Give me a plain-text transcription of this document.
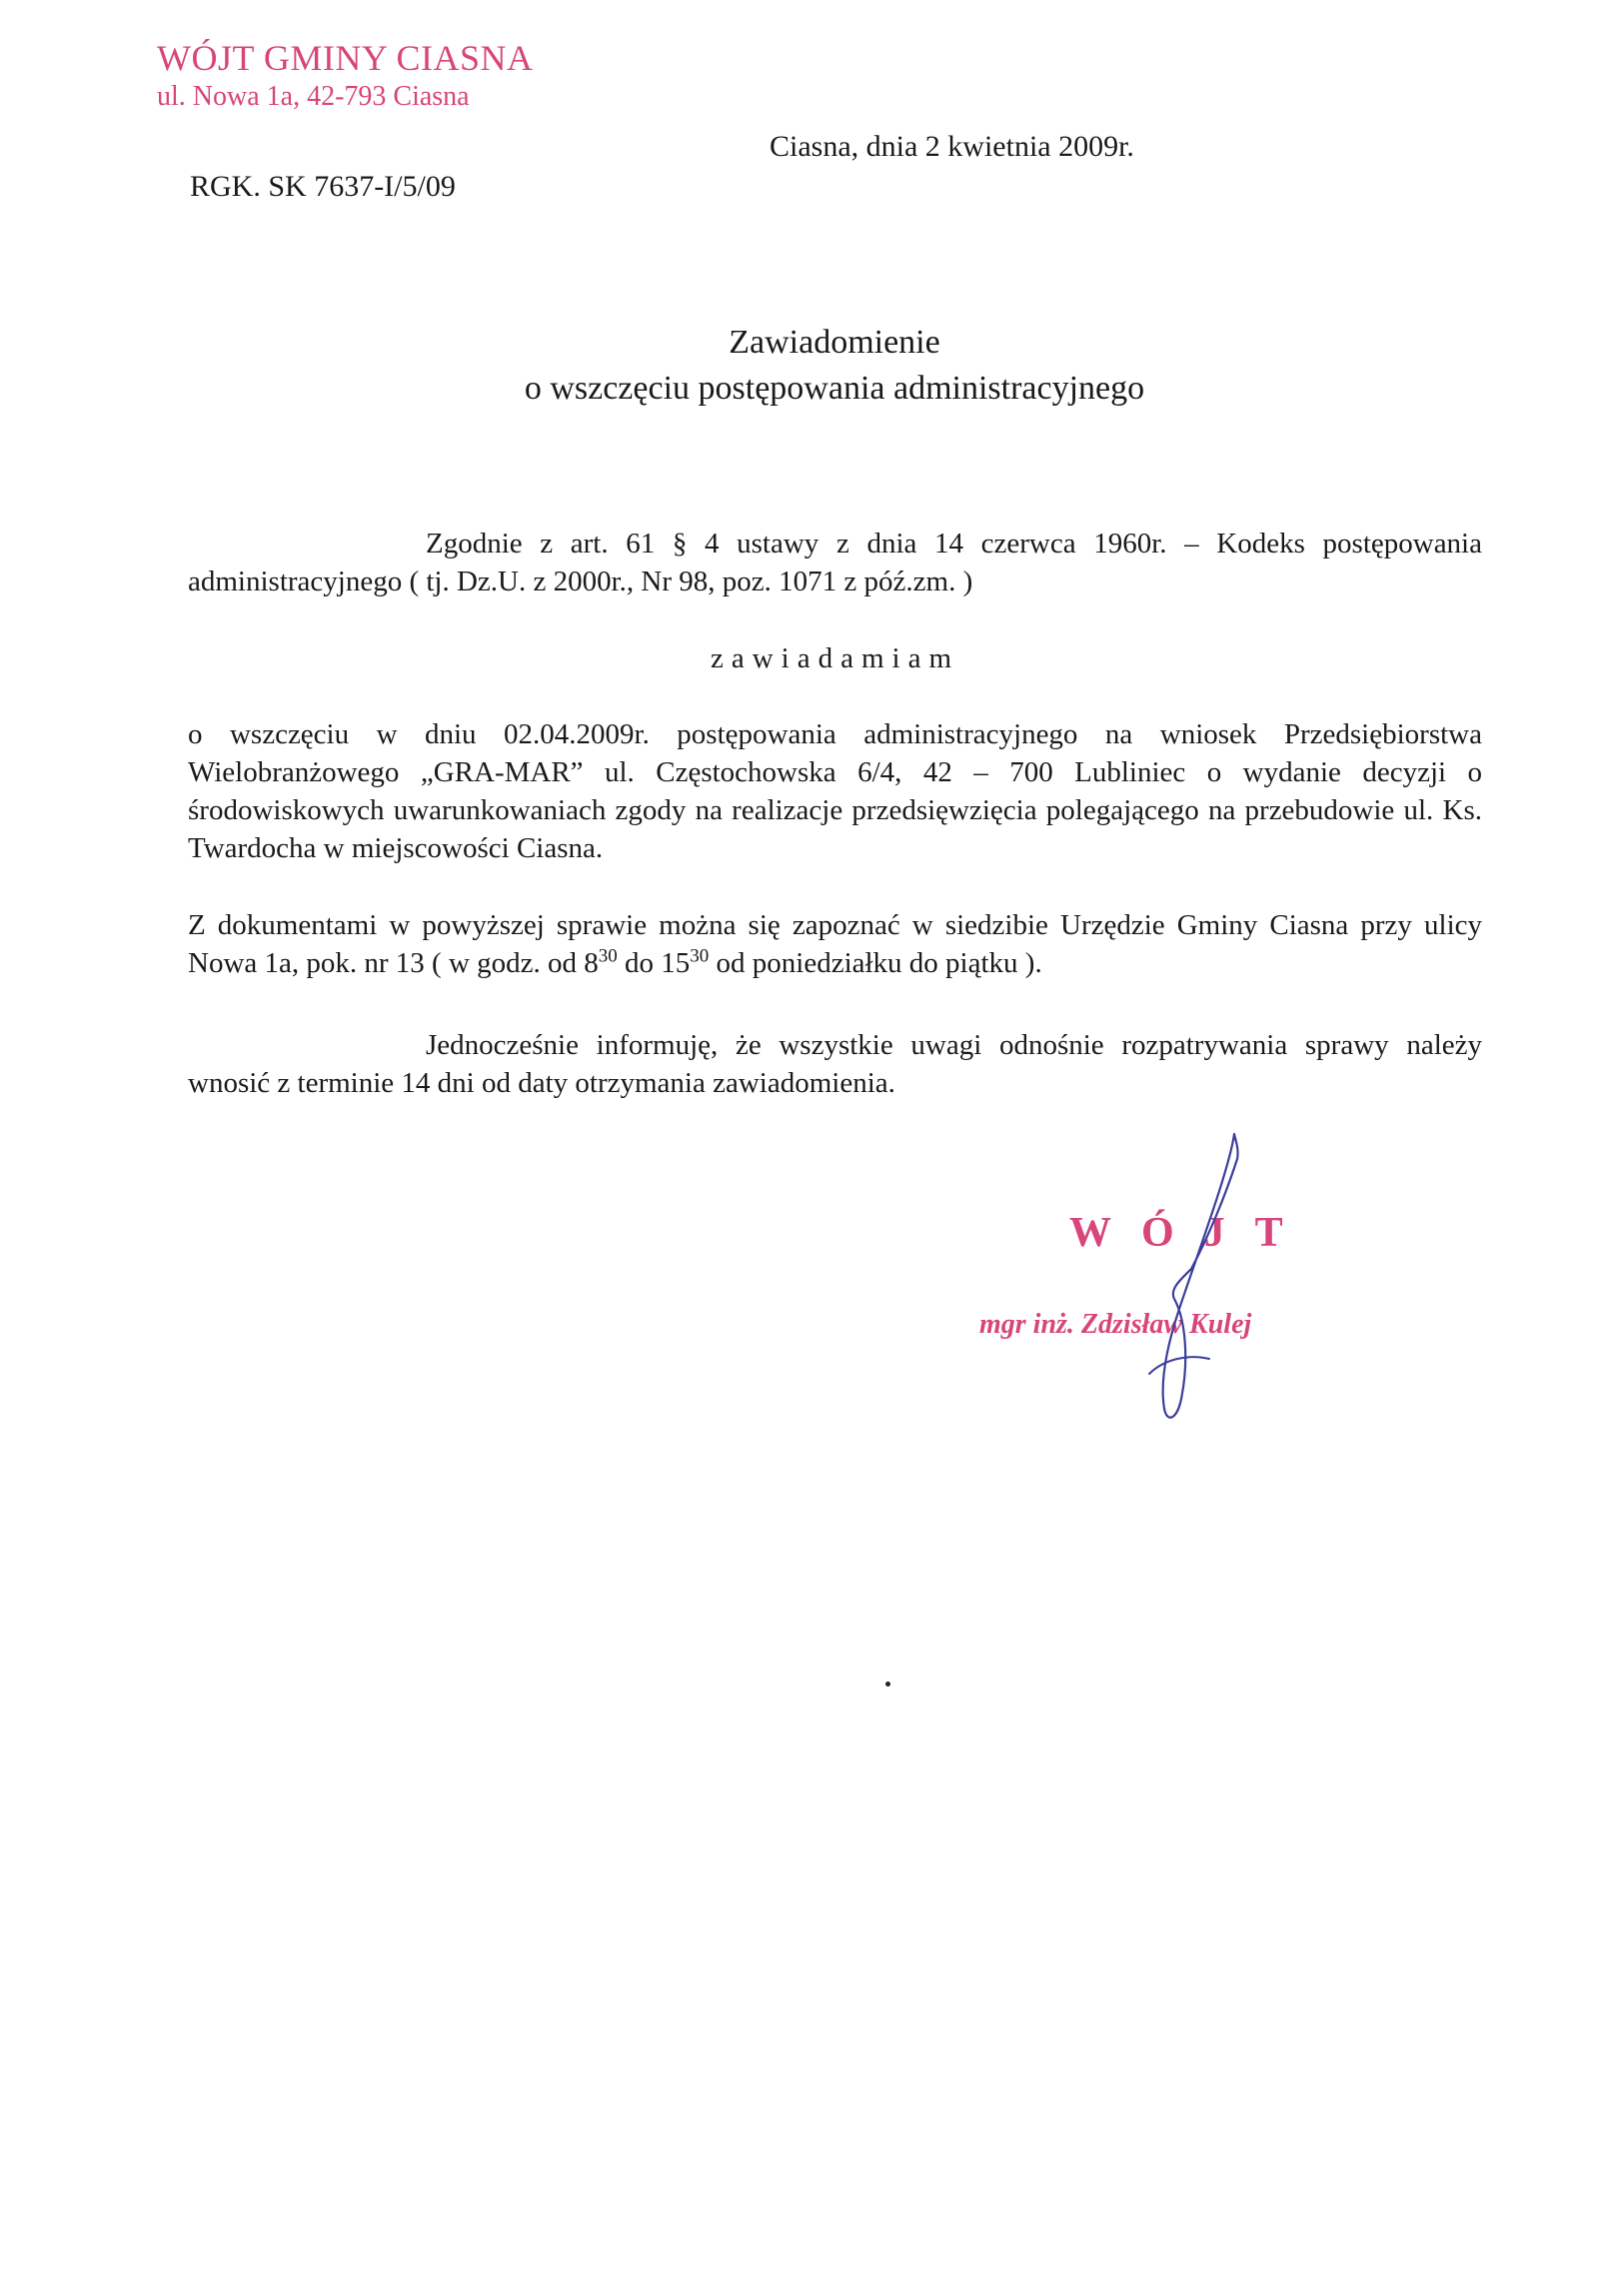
WÓJT GMINY CIASNA
ul. Nowa 1a, 42-793 Ciasna
Ciasna, dnia 2 kwietnia 2009r.
RGK. SK 7637-I/5/09
Zawiadomienie
o wszczęciu postępowania administracyjnego
Zgodnie z art. 61 § 4 ustawy z dnia 14 czerwca 1960r. – Kodeks postępowania administracyjnego ( tj. Dz.U. z 2000r., Nr 98, poz. 1071 z póź.zm. )
zawiadamiam
o wszczęciu w dniu 02.04.2009r. postępowania administracyjnego na wniosek Przedsiębiorstwa Wielobranżowego „GRA-MAR” ul. Częstochowska 6/4, 42 – 700 Lubliniec o wydanie decyzji o środowiskowych uwarunkowaniach zgody na realizacje przedsięwzięcia polegającego na przebudowie ul. Ks. Twardocha w miejscowości Ciasna.
Z dokumentami w powyższej sprawie można się zapoznać w siedzibie Urzędzie Gminy Ciasna przy ulicy Nowa 1a, pok. nr 13 ( w godz. od $8^{30}$ do $15^{30}$ od poniedziałku do piątku ).
Jednocześnie informuję, że wszystkie uwagi odnośnie rozpatrywania sprawy należy wnosić z terminie 14 dni od daty otrzymania zawiadomienia.
WÓJT
mgr inż. Zdzisław Kulej
